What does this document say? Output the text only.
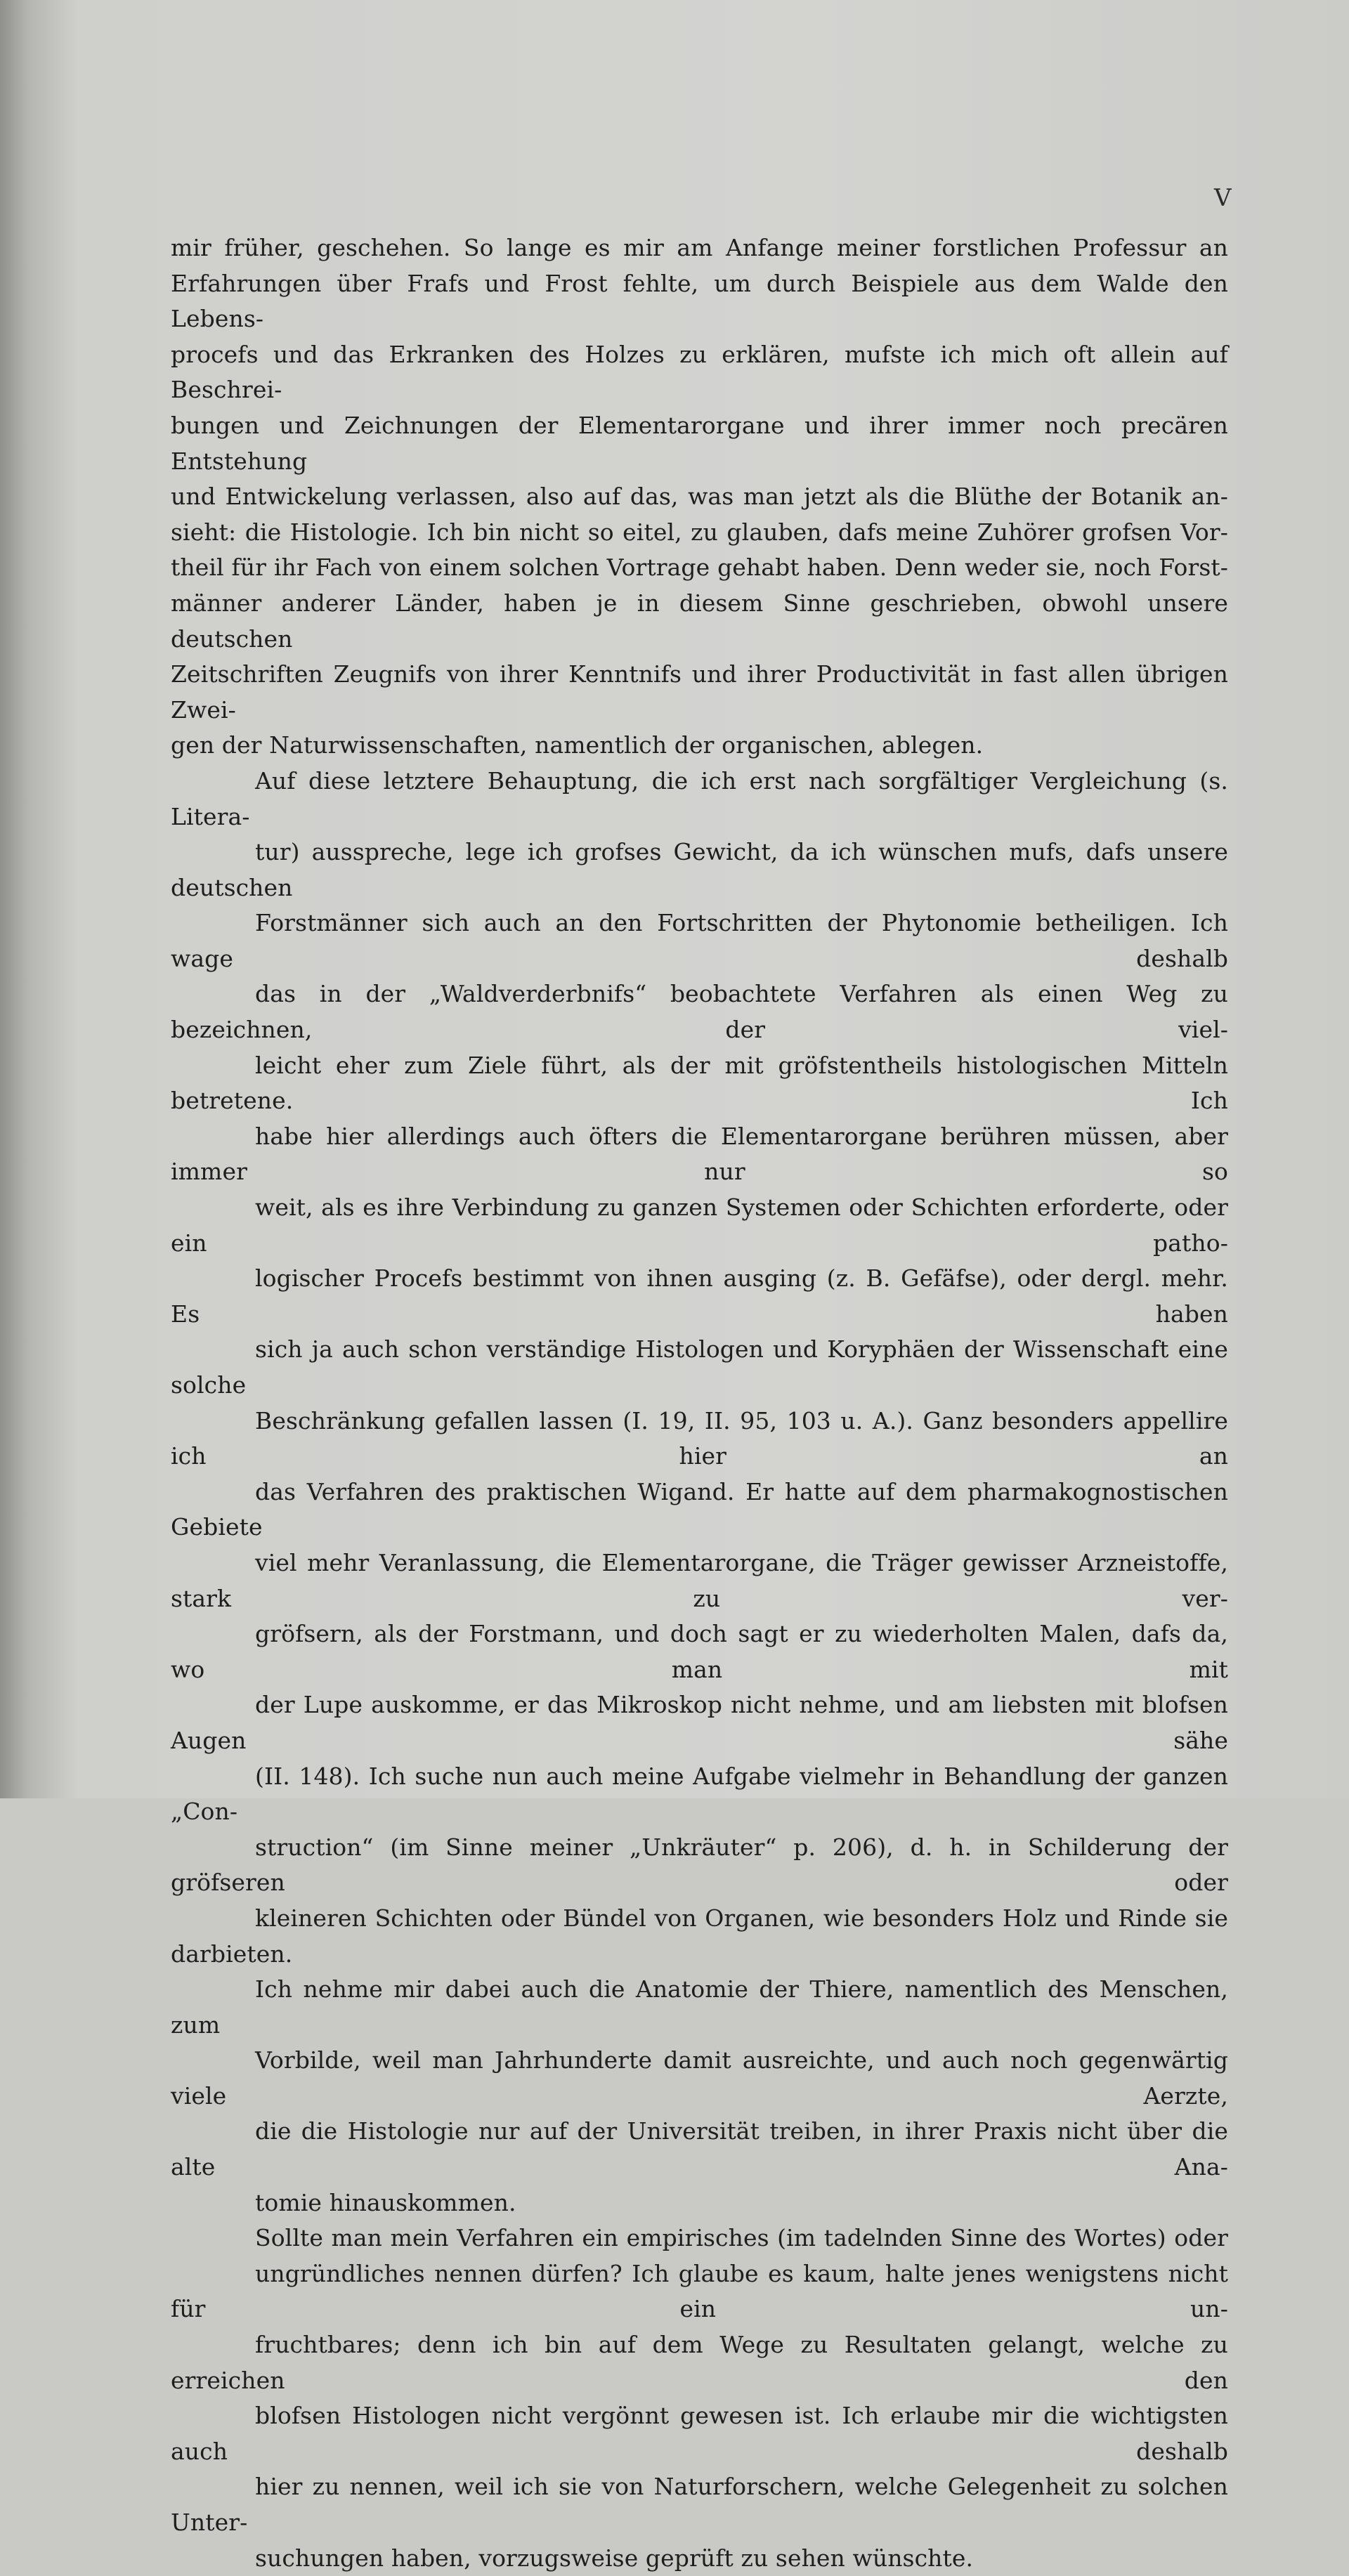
V

mir früher, geschehen. So lange es mir am Anfange meiner forstlichen Professur an
Erfahrungen über Frafs und Frost fehlte, um durch Beispiele aus dem Walde den Lebens-
procefs und das Erkranken des Holzes zu erklären, mufste ich mich oft allein auf Beschrei-
bungen und Zeichnungen der Elementarorgane und ihrer immer noch precären Entstehung
und Entwickelung verlassen, also auf das, was man jetzt als die Blüthe der Botanik an-
sieht: die Histologie. Ich bin nicht so eitel, zu glauben, dafs meine Zuhörer grofsen Vor-
theil für ihr Fach von einem solchen Vortrage gehabt haben. Denn weder sie, noch Forst-
männer anderer Länder, haben je in diesem Sinne geschrieben, obwohl unsere deutschen
Zeitschriften Zeugnifs von ihrer Kenntnifs und ihrer Productivität in fast allen übrigen Zwei-
gen der Naturwissenschaften, namentlich der organischen, ablegen.

Auf diese letztere Behauptung, die ich erst nach sorgfältiger Vergleichung (s. Litera-
tur) ausspreche, lege ich grofses Gewicht, da ich wünschen mufs, dafs unsere deutschen
Forstmänner sich auch an den Fortschritten der Phytonomie betheiligen. Ich wage deshalb
das in der „Waldverderbnifs“ beobachtete Verfahren als einen Weg zu bezeichnen, der viel-
leicht eher zum Ziele führt, als der mit gröfstentheils histologischen Mitteln betretene. Ich
habe hier allerdings auch öfters die Elementarorgane berühren müssen, aber immer nur so
weit, als es ihre Verbindung zu ganzen Systemen oder Schichten erforderte, oder ein patho-
logischer Procefs bestimmt von ihnen ausging (z. B. Gefäfse), oder dergl. mehr. Es haben
sich ja auch schon verständige Histologen und Koryphäen der Wissenschaft eine solche
Beschränkung gefallen lassen (I. 19, II. 95, 103 u. A.). Ganz besonders appellire ich hier an
das Verfahren des praktischen Wigand. Er hatte auf dem pharmakognostischen Gebiete
viel mehr Veranlassung, die Elementarorgane, die Träger gewisser Arzneistoffe, stark zu ver-
gröfsern, als der Forstmann, und doch sagt er zu wiederholten Malen, dafs da, wo man mit
der Lupe auskomme, er das Mikroskop nicht nehme, und am liebsten mit blofsen Augen sähe
(II. 148). Ich suche nun auch meine Aufgabe vielmehr in Behandlung der ganzen „Con-
struction“ (im Sinne meiner „Unkräuter“ p. 206), d. h. in Schilderung der gröfseren oder
kleineren Schichten oder Bündel von Organen, wie besonders Holz und Rinde sie darbieten.
Ich nehme mir dabei auch die Anatomie der Thiere, namentlich des Menschen, zum
Vorbilde, weil man Jahrhunderte damit ausreichte, und auch noch gegenwärtig viele Aerzte,
die die Histologie nur auf der Universität treiben, in ihrer Praxis nicht über die alte Ana-
tomie hinauskommen.

Sollte man mein Verfahren ein empirisches (im tadelnden Sinne des Wortes) oder
ungründliches nennen dürfen? Ich glaube es kaum, halte jenes wenigstens nicht für ein un-
fruchtbares; denn ich bin auf dem Wege zu Resultaten gelangt, welche zu erreichen den
blofsen Histologen nicht vergönnt gewesen ist. Ich erlaube mir die wichtigsten auch deshalb
hier zu nennen, weil ich sie von Naturforschern, welche Gelegenheit zu solchen Unter-
suchungen haben, vorzugsweise geprüft zu sehen wünschte.
